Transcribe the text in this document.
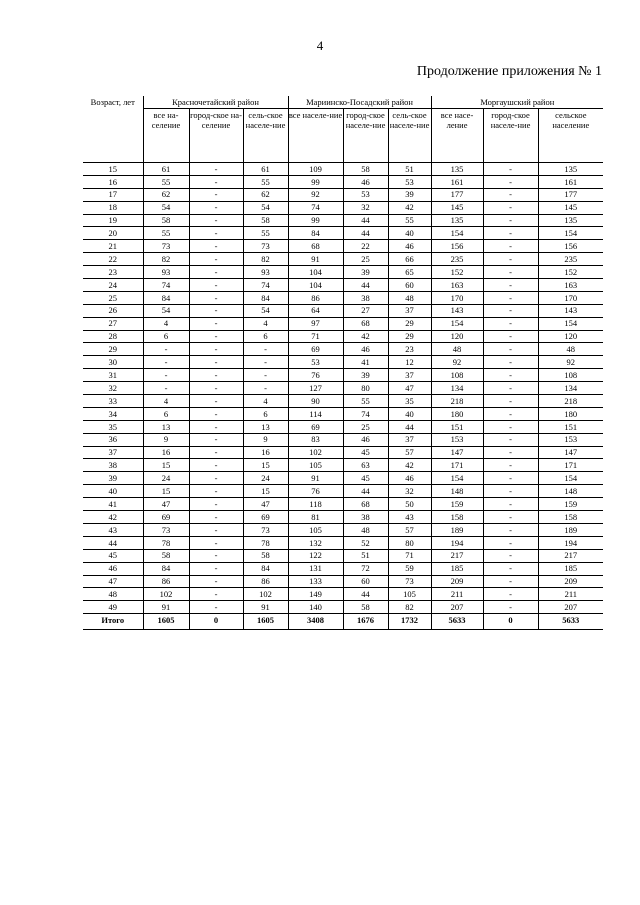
4
Продолжение приложения № 1
Возраст, лет	Красночетайский район			Мариинско-Посадский район			Моргаушский район		
	все на-селение	город-ское на-селение	сель-ское населе-ние	все населе-ние	город-ское населе-ние	сель-ское населе-ние	все насе-ление	город-ское населе-ние	сельское население
15	61	-	61	109	58	51	135	-	135
16	55	-	55	99	46	53	161	-	161
17	62	-	62	92	53	39	177	-	177
18	54	-	54	74	32	42	145	-	145
19	58	-	58	99	44	55	135	-	135
20	55	-	55	84	44	40	154	-	154
21	73	-	73	68	22	46	156	-	156
22	82	-	82	91	25	66	235	-	235
23	93	-	93	104	39	65	152	-	152
24	74	-	74	104	44	60	163	-	163
25	84	-	84	86	38	48	170	-	170
26	54	-	54	64	27	37	143	-	143
27	4	-	4	97	68	29	154	-	154
28	6	-	6	71	42	29	120	-	120
29	-	-	-	69	46	23	48	-	48
30	-	-	-	53	41	12	92	-	92
31	-	-	-	76	39	37	108	-	108
32	-	-	-	127	80	47	134	-	134
33	4	-	4	90	55	35	218	-	218
34	6	-	6	114	74	40	180	-	180
35	13	-	13	69	25	44	151	-	151
36	9	-	9	83	46	37	153	-	153
37	16	-	16	102	45	57	147	-	147
38	15	-	15	105	63	42	171	-	171
39	24	-	24	91	45	46	154	-	154
40	15	-	15	76	44	32	148	-	148
41	47	-	47	118	68	50	159	-	159
42	69	-	69	81	38	43	158	-	158
43	73	-	73	105	48	57	189	-	189
44	78	-	78	132	52	80	194	-	194
45	58	-	58	122	51	71	217	-	217
46	84	-	84	131	72	59	185	-	185
47	86	-	86	133	60	73	209	-	209
48	102	-	102	149	44	105	211	-	211
49	91	-	91	140	58	82	207	-	207
Итого	1605	0	1605	3408	1676	1732	5633	0	5633
